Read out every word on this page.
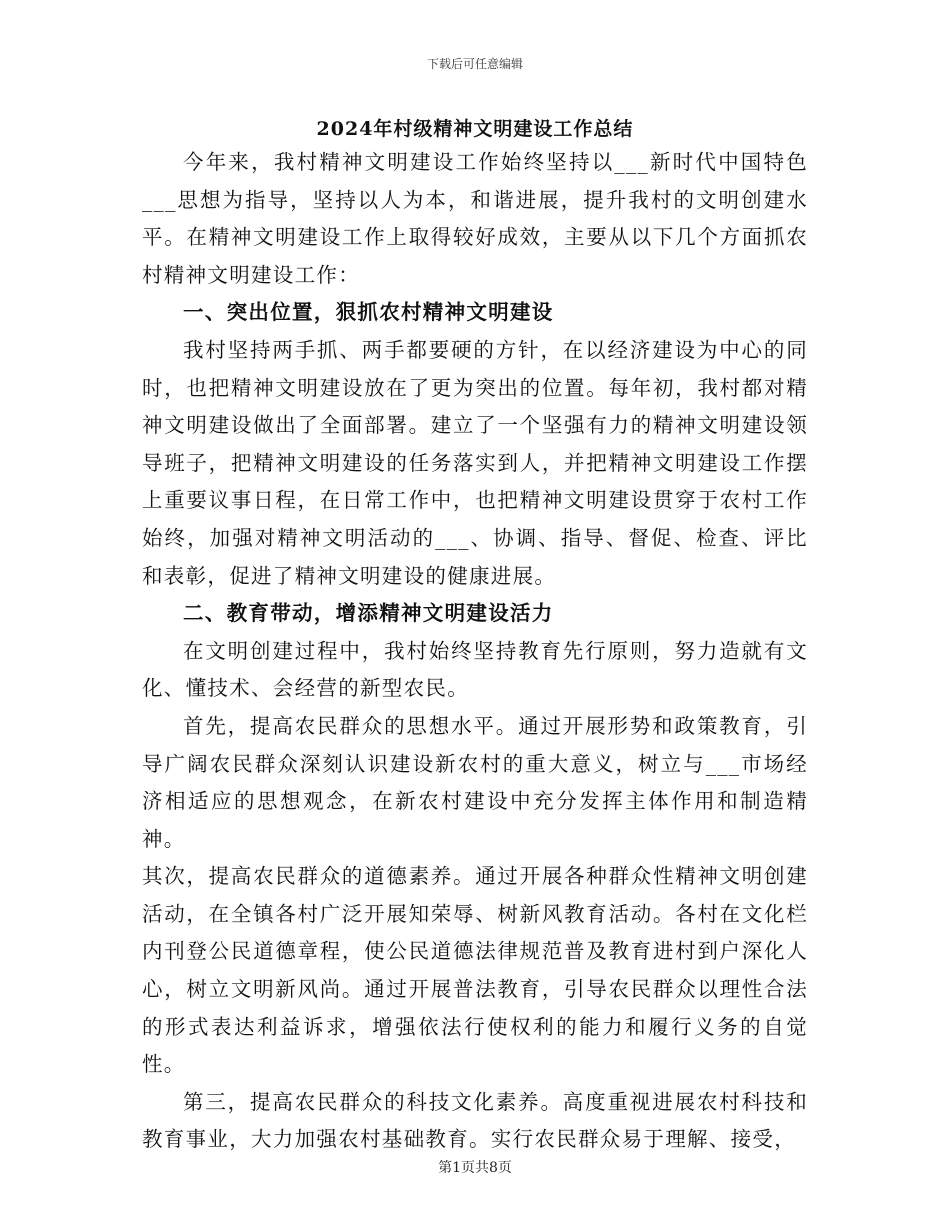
下载后可任意编辑
2024年村级精神文明建设工作总结

今年来，我村精神文明建设工作始终坚持以___新时代中国特色___思想为指导，坚持以人为本，和谐进展，提升我村的文明创建水平。在精神文明建设工作上取得较好成效，主要从以下几个方面抓农村精神文明建设工作：

一、突出位置，狠抓农村精神文明建设

我村坚持两手抓、两手都要硬的方针，在以经济建设为中心的同时，也把精神文明建设放在了更为突出的位置。每年初，我村都对精神文明建设做出了全面部署。建立了一个坚强有力的精神文明建设领导班子，把精神文明建设的任务落实到人，并把精神文明建设工作摆上重要议事日程，在日常工作中，也把精神文明建设贯穿于农村工作始终，加强对精神文明活动的___、协调、指导、督促、检查、评比和表彰，促进了精神文明建设的健康进展。

二、教育带动，增添精神文明建设活力

在文明创建过程中，我村始终坚持教育先行原则，努力造就有文化、懂技术、会经营的新型农民。

首先，提高农民群众的思想水平。通过开展形势和政策教育，引导广阔农民群众深刻认识建设新农村的重大意义，树立与___市场经济相适应的思想观念，在新农村建设中充分发挥主体作用和制造精神。

其次，提高农民群众的道德素养。通过开展各种群众性精神文明创建活动，在全镇各村广泛开展知荣辱、树新风教育活动。各村在文化栏内刊登公民道德章程，使公民道德法律规范普及教育进村到户深化人心，树立文明新风尚。通过开展普法教育，引导农民群众以理性合法的形式表达利益诉求，增强依法行使权利的能力和履行义务的自觉性。

第三，提高农民群众的科技文化素养。高度重视进展农村科技和教育事业，大力加强农村基础教育。实行农民群众易于理解、接受，

第1页共8页
